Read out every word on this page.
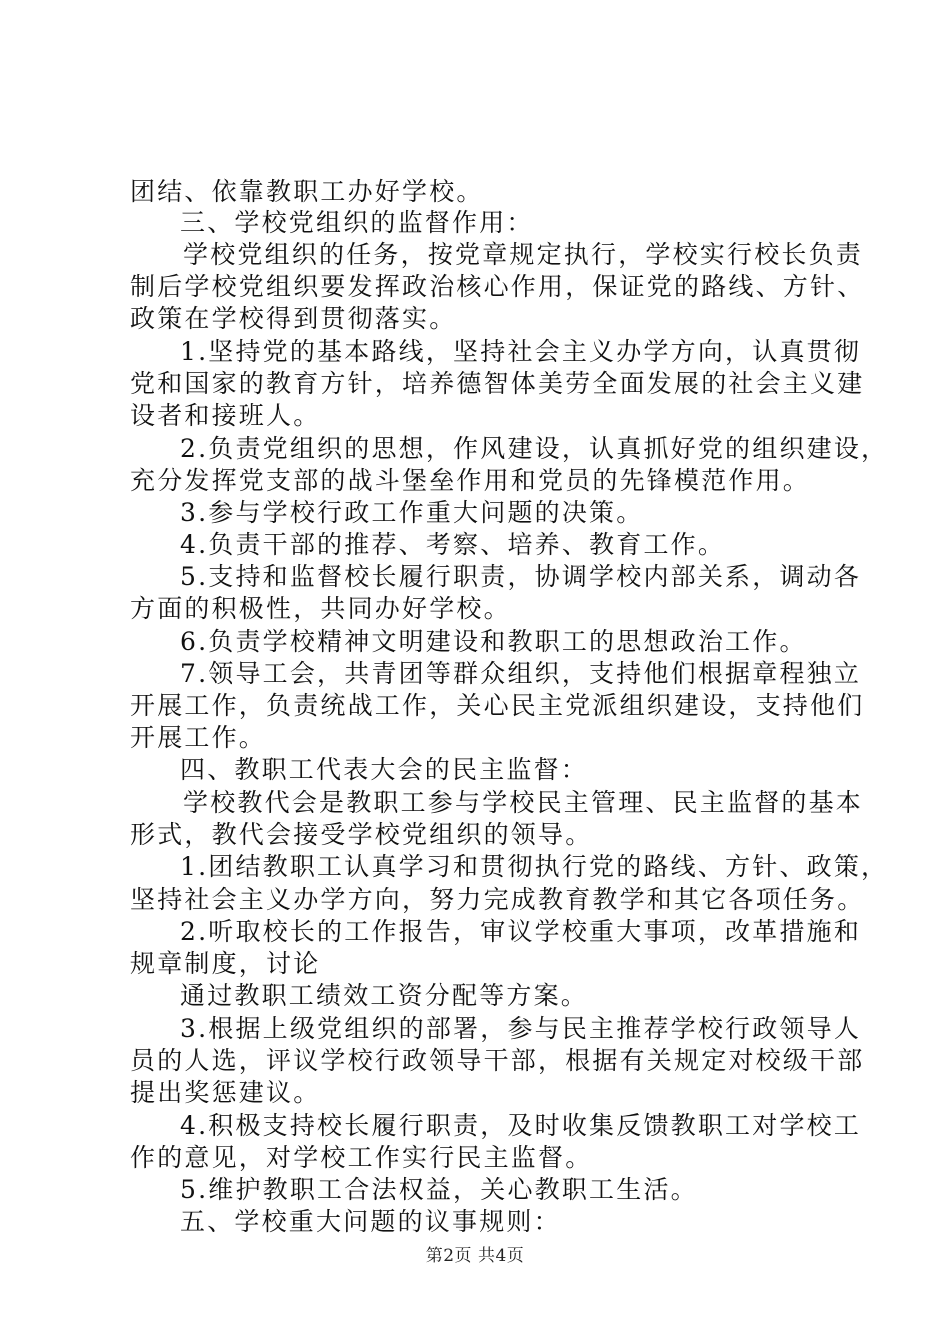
团结、依靠教职工办好学校。

三、学校党组织的监督作用：

学校党组织的任务，按党章规定执行，学校实行校长负责

制后学校党组织要发挥政治核心作用，保证党的路线、方针、

政策在学校得到贯彻落实。

1.坚持党的基本路线，坚持社会主义办学方向，认真贯彻

党和国家的教育方针，培养德智体美劳全面发展的社会主义建

设者和接班人。

2.负责党组织的思想，作风建设，认真抓好党的组织建设，

充分发挥党支部的战斗堡垒作用和党员的先锋模范作用。

3.参与学校行政工作重大问题的决策。

4.负责干部的推荐、考察、培养、教育工作。

5.支持和监督校长履行职责，协调学校内部关系，调动各

方面的积极性，共同办好学校。

6.负责学校精神文明建设和教职工的思想政治工作。

7.领导工会，共青团等群众组织，支持他们根据章程独立

开展工作，负责统战工作，关心民主党派组织建设，支持他们

开展工作。

四、教职工代表大会的民主监督：

学校教代会是教职工参与学校民主管理、民主监督的基本

形式，教代会接受学校党组织的领导。

1.团结教职工认真学习和贯彻执行党的路线、方针、政策，

坚持社会主义办学方向，努力完成教育教学和其它各项任务。

2.听取校长的工作报告，审议学校重大事项，改革措施和

规章制度，讨论

通过教职工绩效工资分配等方案。

3.根据上级党组织的部署，参与民主推荐学校行政领导人

员的人选，评议学校行政领导干部，根据有关规定对校级干部

提出奖惩建议。

4.积极支持校长履行职责，及时收集反馈教职工对学校工

作的意见，对学校工作实行民主监督。

5.维护教职工合法权益，关心教职工生活。

五、学校重大问题的议事规则：

第2页 共4页
